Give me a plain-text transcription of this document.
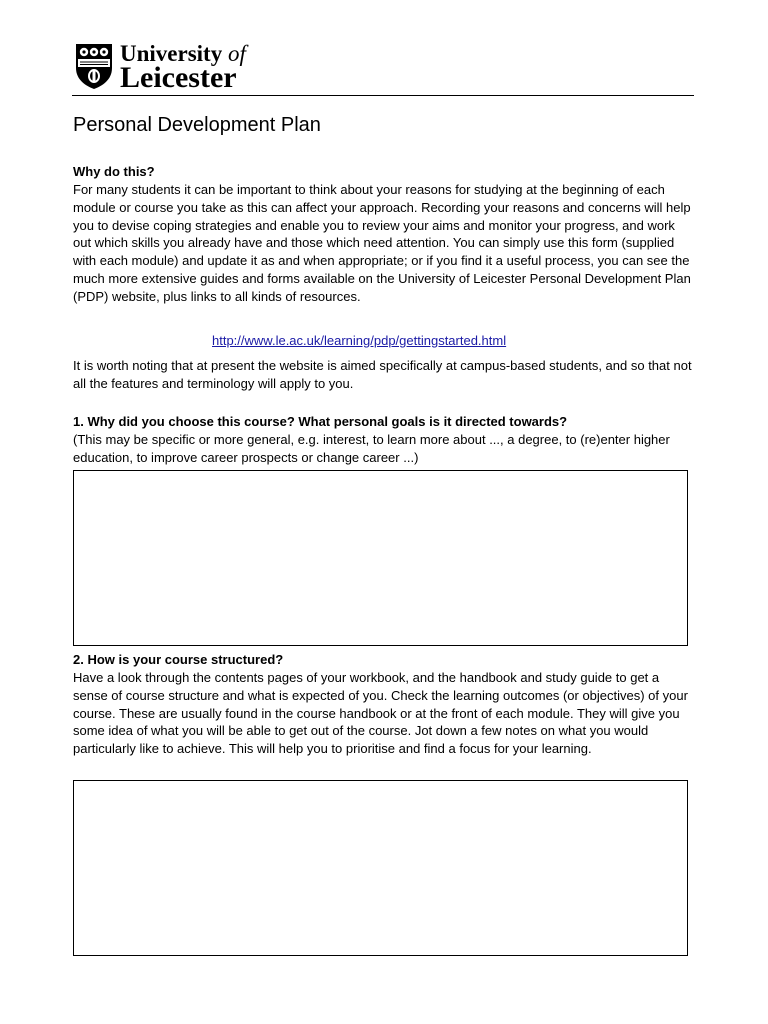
University of
Leicester
Personal Development Plan
Why do this?
For many students it can be important to think about your reasons for studying at the beginning of each module or course you take as this can affect your approach. Recording your reasons and concerns will help you to devise coping strategies and enable you to review your aims and monitor your progress, and work out which skills you already have and those which need attention. You can simply use this form (supplied with each module) and update it as and when appropriate; or if you find it a useful process, you can see the much more extensive guides and forms available on the University of Leicester Personal Development Plan (PDP) website, plus links to all kinds of resources.
http://www.le.ac.uk/learning/pdp/gettingstarted.html
It is worth noting that at present the website is aimed specifically at campus-based students, and so that not all the features and terminology will apply to you.
1. Why did you choose this course? What personal goals is it directed towards?
(This may be specific or more general, e.g. interest, to learn more about ..., a degree, to (re)enter higher education, to improve career prospects or change career ...)
2. How is your course structured?
Have a look through the contents pages of your workbook, and the handbook and study guide to get a sense of course structure and what is expected of you. Check the learning outcomes (or objectives) of your course. These are usually found in the course handbook or at the front of each module. They will give you some idea of what you will be able to get out of the course. Jot down a few notes on what you would particularly like to achieve. This will help you to prioritise and find a focus for your learning.
